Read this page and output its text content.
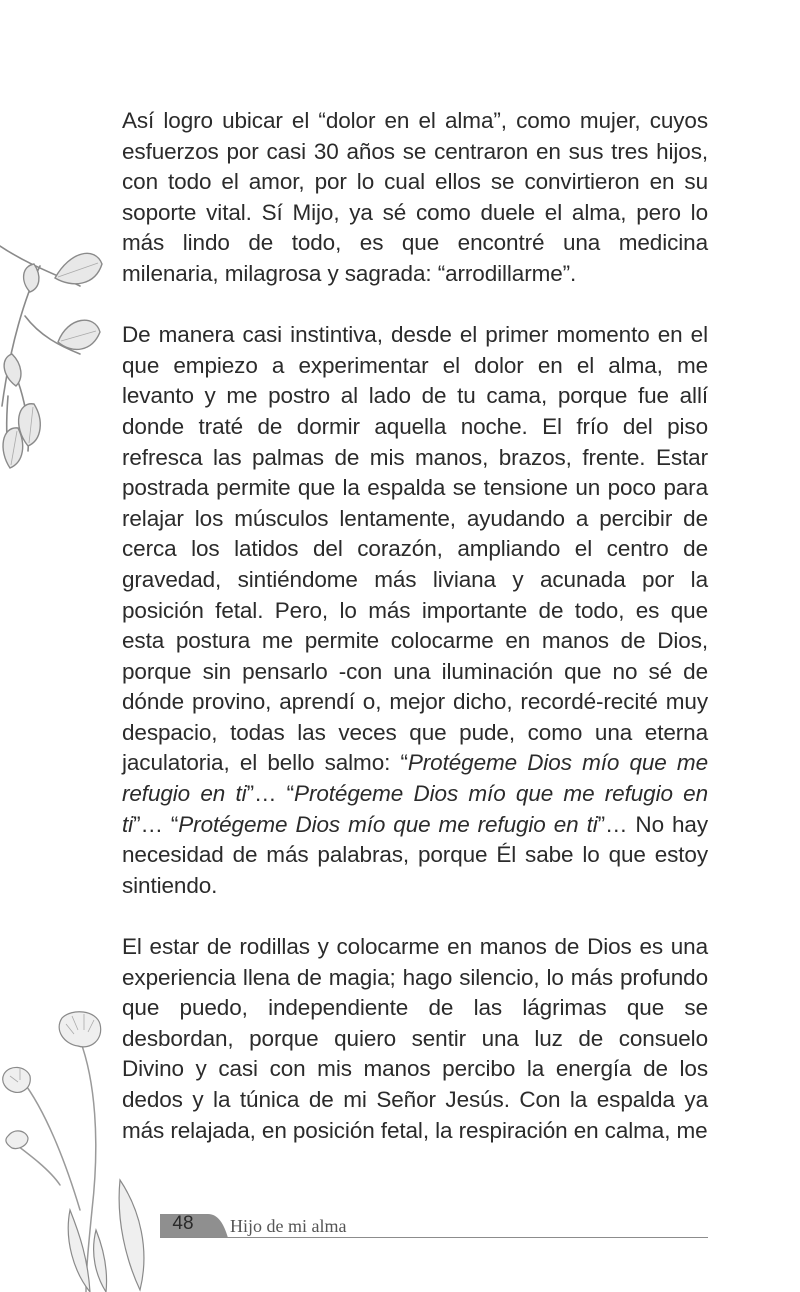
Así logro ubicar el “dolor en el alma”, como mujer, cuyos esfuerzos por casi 30 años se centraron en sus tres hijos, con todo el amor, por lo cual ellos se convirtieron en su soporte vital. Sí Mijo, ya sé como duele el alma, pero lo más lindo de todo, es que encontré una medicina milenaria, milagrosa y sagrada: “arrodillarme”.

De manera casi instintiva, desde el primer momento en el que empiezo a experimentar el dolor en el alma, me levanto y me postro al lado de tu cama, porque fue allí donde traté de dormir aquella noche. El frío del piso refresca las palmas de mis manos, brazos, frente. Estar postrada permite que la espalda se tensione un poco para relajar los músculos lentamente, ayudando a percibir de cerca los latidos del corazón, ampliando el centro de gravedad, sintiéndome más liviana y acunada por la posición fetal. Pero, lo más importante de todo, es que esta postura me permite colocarme en manos de Dios, porque sin pensarlo -con una iluminación que no sé de dónde provino, aprendí o, mejor dicho, recordé-recité muy despacio, todas las veces que pude, como una eterna jaculatoria, el bello salmo: “Protégeme Dios mío que me refugio en ti”… “Protégeme Dios mío que me refugio en ti”… “Protégeme Dios mío que me refugio en ti”… No hay necesidad de más palabras, porque Él sabe lo que estoy sintiendo.

El estar de rodillas y colocarme en manos de Dios es una experiencia llena de magia; hago silencio, lo más profundo que puedo, independiente de las lágrimas que se desbordan, porque quiero sentir una luz de consuelo Divino y casi con mis manos percibo la energía de los dedos y la túnica de mi Señor Jesús. Con la espalda ya más relajada, en posición fetal, la respiración en calma, me

48	Hijo de mi alma
